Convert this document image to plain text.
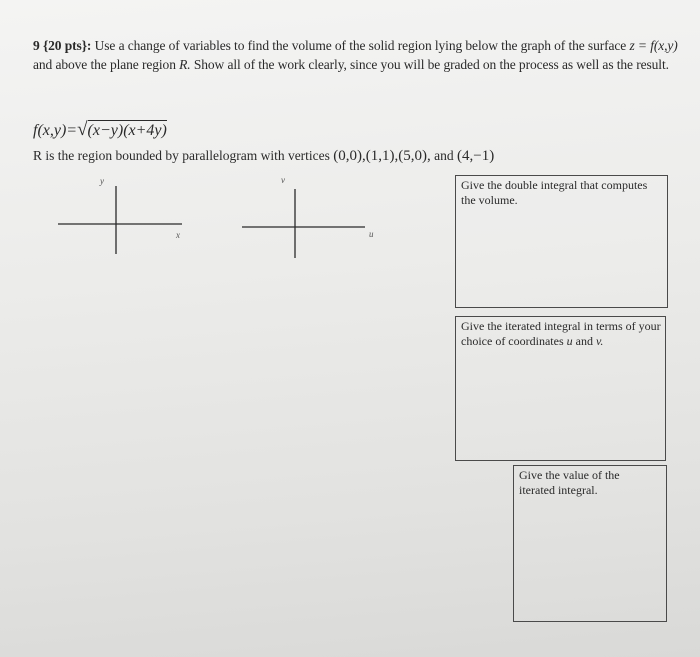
9 {20 pts}: Use a change of variables to find the volume of the solid region lying below the graph of the surface z = f(x,y) and above the plane region R. Show all of the work clearly, since you will be graded on the process as well as the result.
f(x,y)=√(x−y)(x+4y)
R is the region bounded by parallelogram with vertices (0,0),(1,1),(5,0), and (4,−1)
y
x
v
u
Give the double integral that computes the volume.
Give the iterated integral in terms of your choice of coordinates u and v.
Give the value of the iterated integral.
